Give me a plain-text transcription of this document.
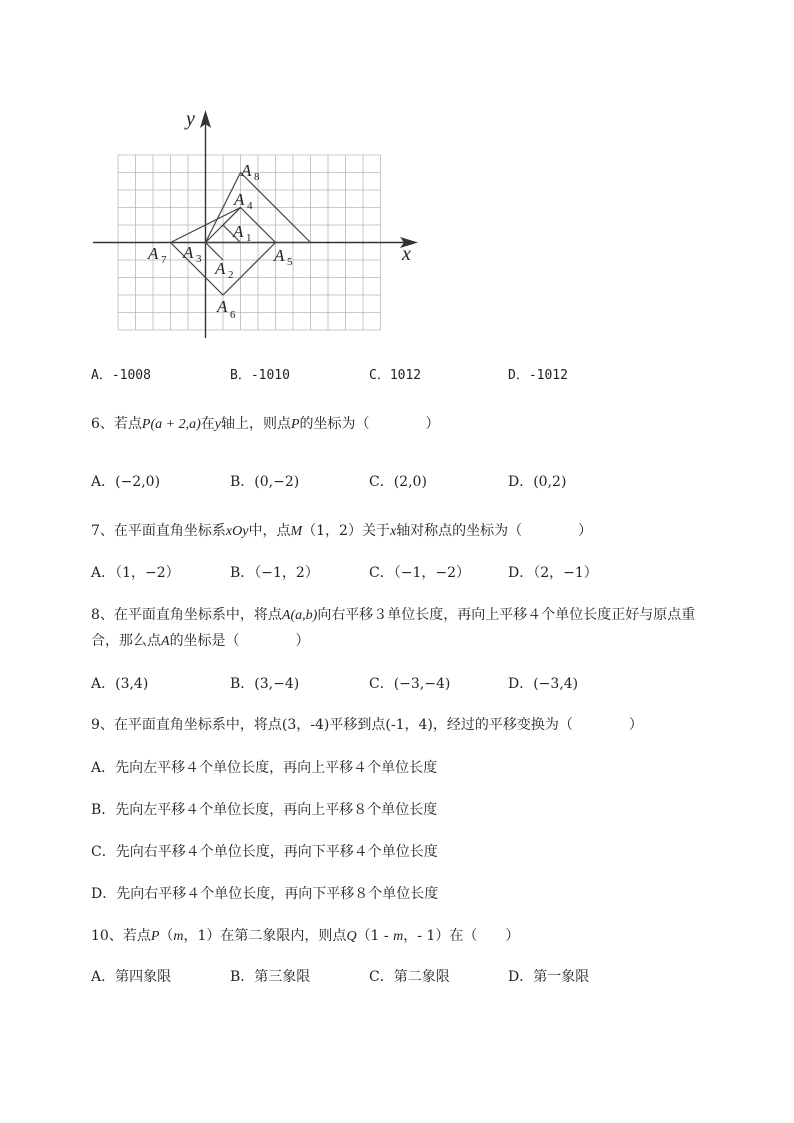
y
x
A 8
A 4
A 1
A 7 A 3 A 2
A 5
A 6
A．-1008	B．-1010	C．1012	D．-1012
6、若点P(a + 2,a)在y轴上，则点P的坐标为（　　　　）
A．(−2,0)	B．(0,−2)	C．(2,0)	D．(0,2)
7、在平面直角坐标系xOy中，点M（1，2）关于x轴对称点的坐标为（　　　　）
A．（1，−2）	B．（−1，2）	C．（−1，−2）	D．（2，−1）
8、在平面直角坐标系中，将点A(a,b)向右平移３单位长度，再向上平移４个单位长度正好与原点重
合，那么点A的坐标是（　　　　）
A．(3,4)	B．(3,−4)	C．(−3,−4)	D．(−3,4)
9、在平面直角坐标系中，将点(3，-4)平移到点(-1，4)，经过的平移变换为（　　　　）
A．先向左平移４个单位长度，再向上平移４个单位长度
B．先向左平移４个单位长度，再向上平移８个单位长度
C．先向右平移４个单位长度，再向下平移４个单位长度
D．先向右平移４个单位长度，再向下平移８个单位长度
10、若点P（m，1）在第二象限内，则点Q（1 - m，- 1）在（　　）
A．第四象限	B．第三象限	C．第二象限	D．第一象限
